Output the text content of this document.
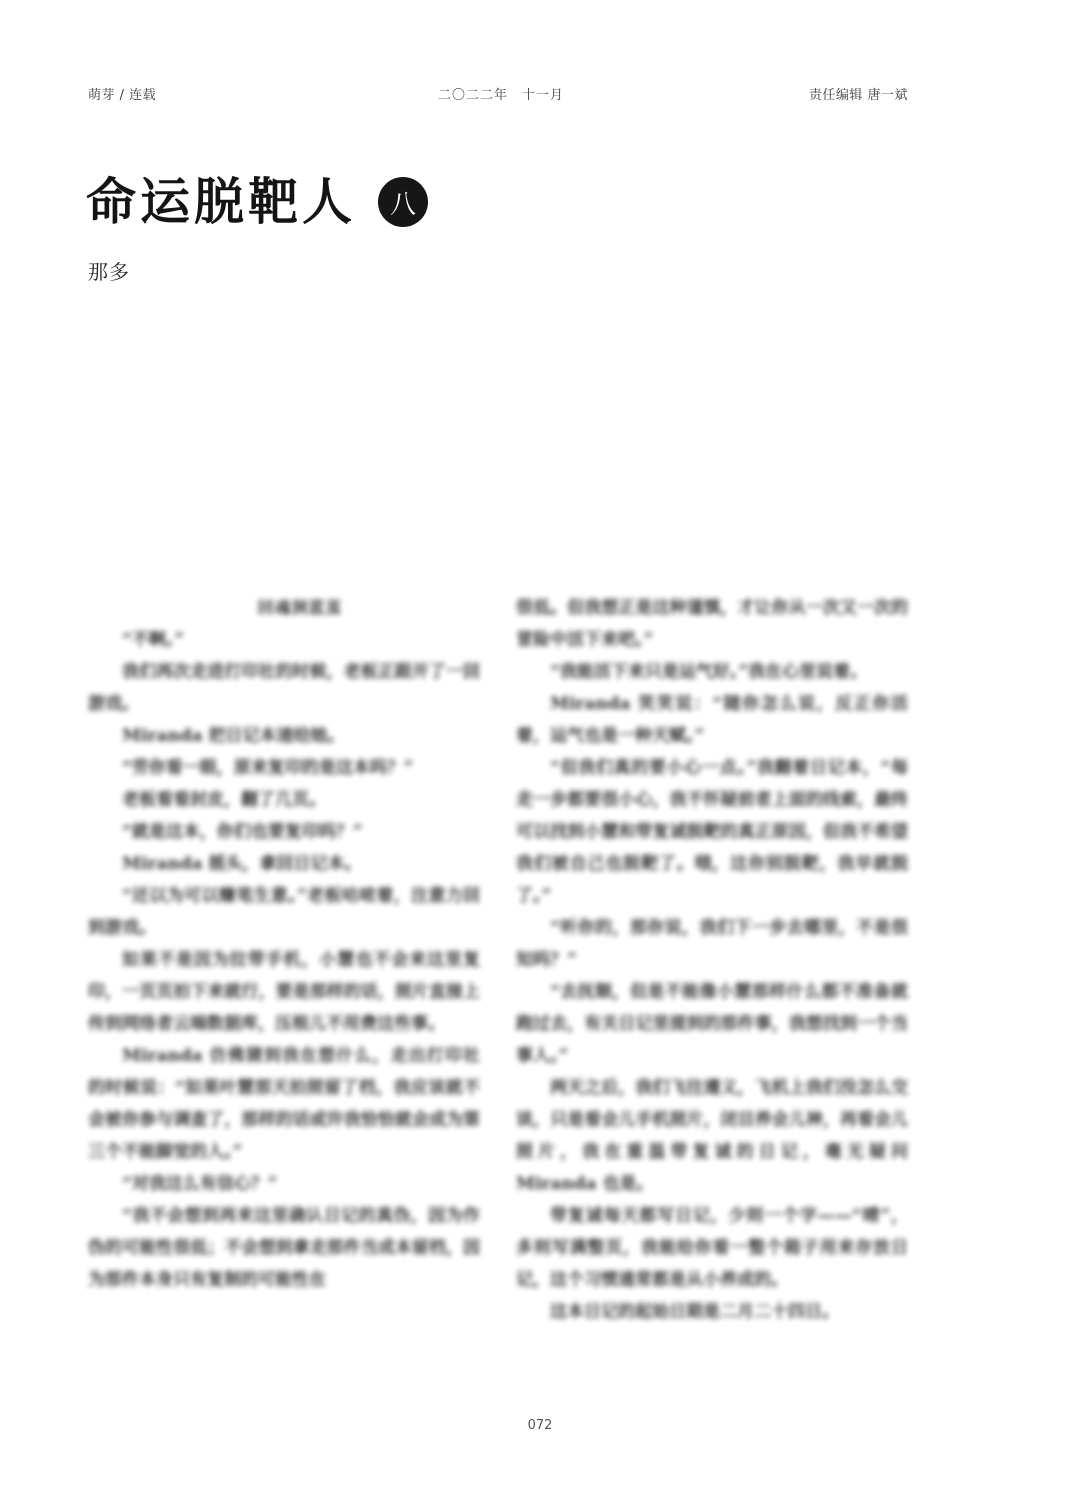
萌芽 / 连载	二〇二二年　十一月	责任编辑 唐一斌
命运脱靶人	八
那多

回魂洞蓝茧

“不啊。”

我们再次走进打印社的时候，老板正跟开了一回游戏。

Miranda 把日记本递给她。

“劳你看一眼，原来复印的是这本吗？”

老板看看封皮，翻了几页。

“就是这本，你们也要复印吗？”

Miranda 摇头，拿回日记本。

“还以为可以赚笔生意。”老板咕哝着，注意力回到游戏。

如果不是因为拉带手机，小慧也不会来这里复印，一页页拍下来就行，要是那样的话，照片直接上传到网络者云端数据库，压根儿不用费这些事。

Miranda 仿佛猜到我在想什么，走出打印社的时候说：“如果叶慧那天拍照留了档，我应该就不会被你参与调查了，那样的话或许我恰恰就会成为第三个不能脚觉的人。”

“对我这么有信心？”

“我不会想到再来这里确认日记的真伪，因为作伪的可能性很低；不会想到拿走那件当成本留档，因为那件本身只有复制的可能性在

很低。但我想正是这种谨慎，才让你从一次又一次的冒险中活下来吧。”

“我能活下来只是运气好。”我在心里说着。

Miranda 笑笑说：“随你怎么说，反正你活着，运气也是一种天赋。”

“但我们真的要小心一点。”我翻着日记本，“每走一步都要很小心，我不怀疑前者上面的线索，最终可以找到小慧和带复诚脱靶的真正原因，但我不希望我们被自己也脱靶了。哦，这你别脱靶，我早就脱了。”

“听你的，那你说，我们下一步去哪里，不是很知吗？”

“去抚顺，但是不能像小慧那样什么都不准备就跑过去，有关日记里提到的那件事，我想找到一个当事人。”

两天之后，我们飞往遵义，飞机上我们没怎么交谈，只是看会儿手机照片，闭目养会儿神，再看会儿照片，我在重温带复诚的日记，毫无疑问 Miranda 也是。

带复诚每天都写日记，少则一个字——“晴”，多则写满整页，我能给你看一整个箱子用来存放日记，这个习惯通常都是从小养成的。

这本日记的起始日期是二月二十四日。

072
